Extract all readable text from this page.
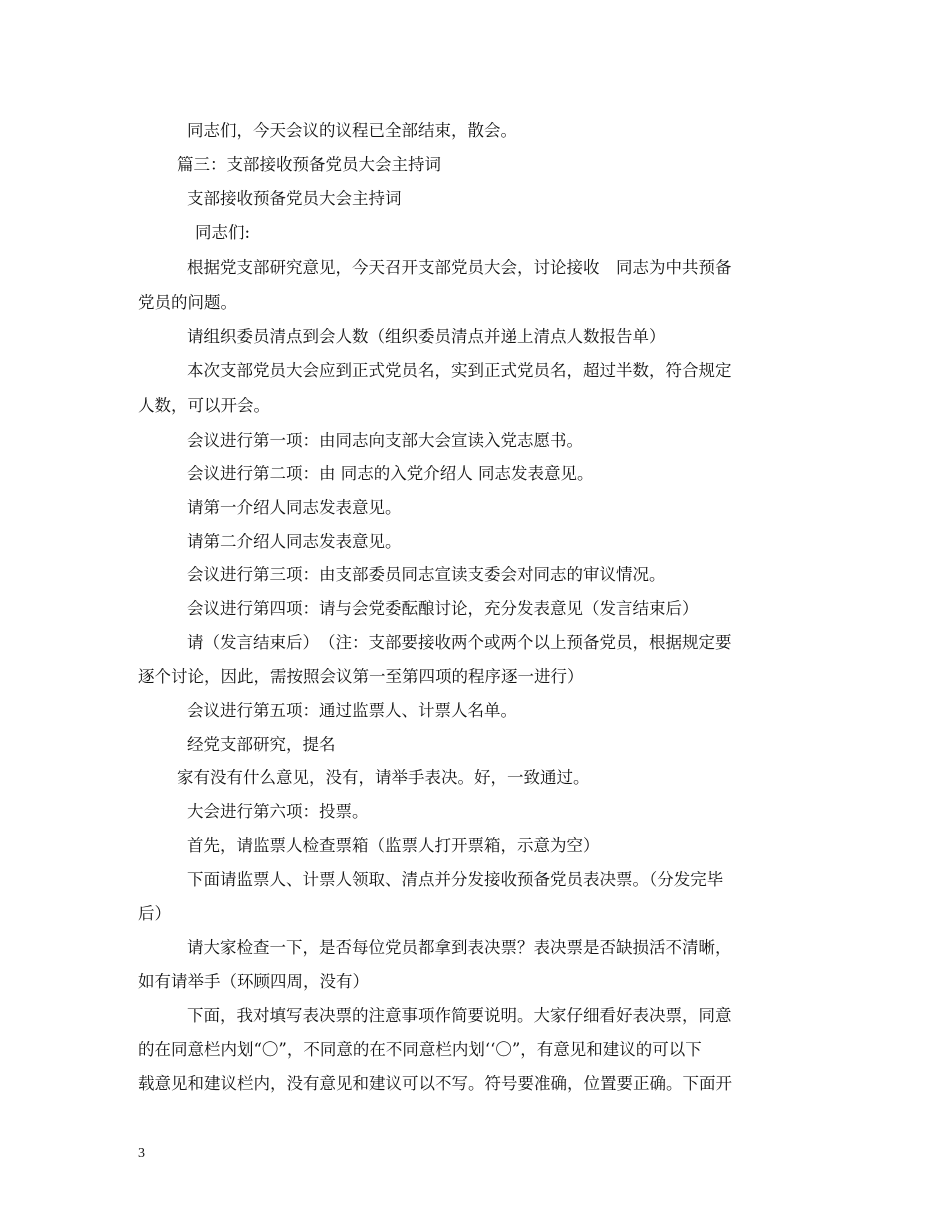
同志们，今天会议的议程已全部结束，散会。
篇三：支部接收预备党员大会主持词
支部接收预备党员大会主持词
同志们:
根据党支部研究意见，今天召开支部党员大会，讨论接收　同志为中共预备
党员的问题。
请组织委员清点到会人数（组织委员清点并递上清点人数报告单）
本次支部党员大会应到正式党员名，实到正式党员名，超过半数，符合规定
人数，可以开会。
会议进行第一项：由同志向支部大会宣读入党志愿书。
会议进行第二项：由 同志的入党介绍人 同志发表意见。
请第一介绍人同志发表意见。
请第二介绍人同志发表意见。
会议进行第三项：由支部委员同志宣读支委会对同志的审议情况。
会议进行第四项：请与会党委酝酿讨论，充分发表意见（发言结束后）
请（发言结束后）　（注：支部要接收两个或两个以上预备党员，根据规定要
逐个讨论，因此，需按照会议第一至第四项的程序逐一进行）
会议进行第五项：通过监票人、计票人名单。
经党支部研究，提名
家有没有什么意见，没有，请举手表决。好，一致通过。
大会进行第六项：投票。
首先，请监票人检查票箱（监票人打开票箱，示意为空）
下面请监票人、计票人领取、清点并分发接收预备党员表决票。（分发完毕
后）
请大家检查一下，是否每位党员都拿到表决票？表决票是否缺损活不清晰，
如有请举手（环顾四周，没有）
下面，我对填写表决票的注意事项作简要说明。大家仔细看好表决票，同意
的在同意栏内划“〇”，不同意的在不同意栏内划‘‘〇”，有意见和建议的可以下
载意见和建议栏内，没有意见和建议可以不写。符号要准确，位置要正确。下面开
3
